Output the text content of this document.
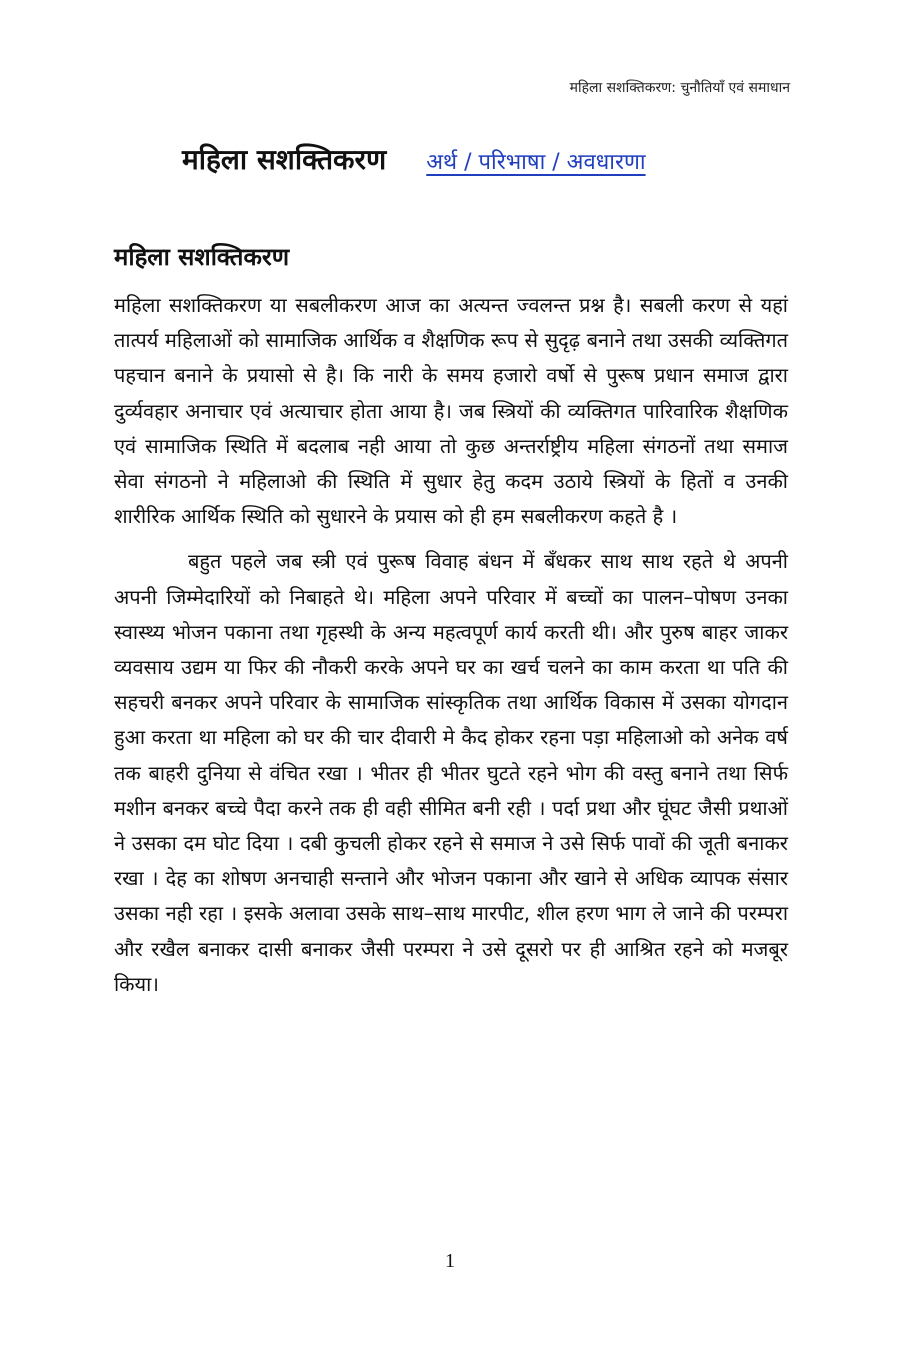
महिला सशक्तिकरण: चुनौतियाँ एवं समाधान
महिला सशक्तिकरण अर्थ / परिभाषा / अवधारणा
महिला सशक्तिकरण

महिला सशक्तिकरण या सबलीकरण आज का अत्यन्त ज्वलन्त प्रश्न है। सबली करण से यहां तात्पर्य महिलाओं को सामाजिक आर्थिक व शैक्षणिक रूप से सुदृढ़ बनाने तथा उसकी व्यक्तिगत पहचान बनाने के प्रयासो से है। कि नारी के समय हजारो वर्षो से पुरूष प्रधान समाज द्वारा दुर्व्यवहार अनाचार एवं अत्याचार होता आया है। जब स्त्रियों की व्यक्तिगत पारिवारिक शैक्षणिक एवं सामाजिक स्थिति में बदलाब नही आया तो कुछ अन्तर्राष्ट्रीय महिला संगठनों तथा समाज सेवा संगठनो ने महिलाओ की स्थिति में सुधार हेतु कदम उठाये स्त्रियों के हितों व उनकी शारीरिक आर्थिक स्थिति को सुधारने के प्रयास को ही हम सबलीकरण कहते है ।

बहुत पहले जब स्त्री एवं पुरूष विवाह बंधन में बँधकर साथ साथ रहते थे अपनी अपनी जिम्मेदारियों को निबाहते थे। महिला अपने परिवार में बच्चों का पालन–पोषण उनका स्वास्थ्य भोजन पकाना तथा गृहस्थी के अन्य महत्वपूर्ण कार्य करती थी। और पुरुष बाहर जाकर व्यवसाय उद्यम या फिर की नौकरी करके अपने घर का खर्च चलने का काम करता था पति की सहचरी बनकर अपने परिवार के सामाजिक सांस्कृतिक तथा आर्थिक विकास में उसका योगदान हुआ करता था महिला को घर की चार दीवारी मे कैद होकर रहना पड़ा महिलाओ को अनेक वर्ष तक बाहरी दुनिया से वंचित रखा । भीतर ही भीतर घुटते रहने भोग की वस्तु बनाने तथा सिर्फ मशीन बनकर बच्चे पैदा करने तक ही वही सीमित बनी रही । पर्दा प्रथा और घूंघट जैसी प्रथाओं ने उसका दम घोट दिया । दबी कुचली होकर रहने से समाज ने उसे सिर्फ पावों की जूती बनाकर रखा । देह का शोषण अनचाही सन्ताने और भोजन पकाना और खाने से अधिक व्यापक संसार उसका नही रहा । इसके अलावा उसके साथ–साथ मारपीट, शील हरण भाग ले जाने की परम्परा और रखैल बनाकर दासी बनाकर जैसी परम्परा ने उसे दूसरो पर ही आश्रित रहने को मजबूर किया।

1
